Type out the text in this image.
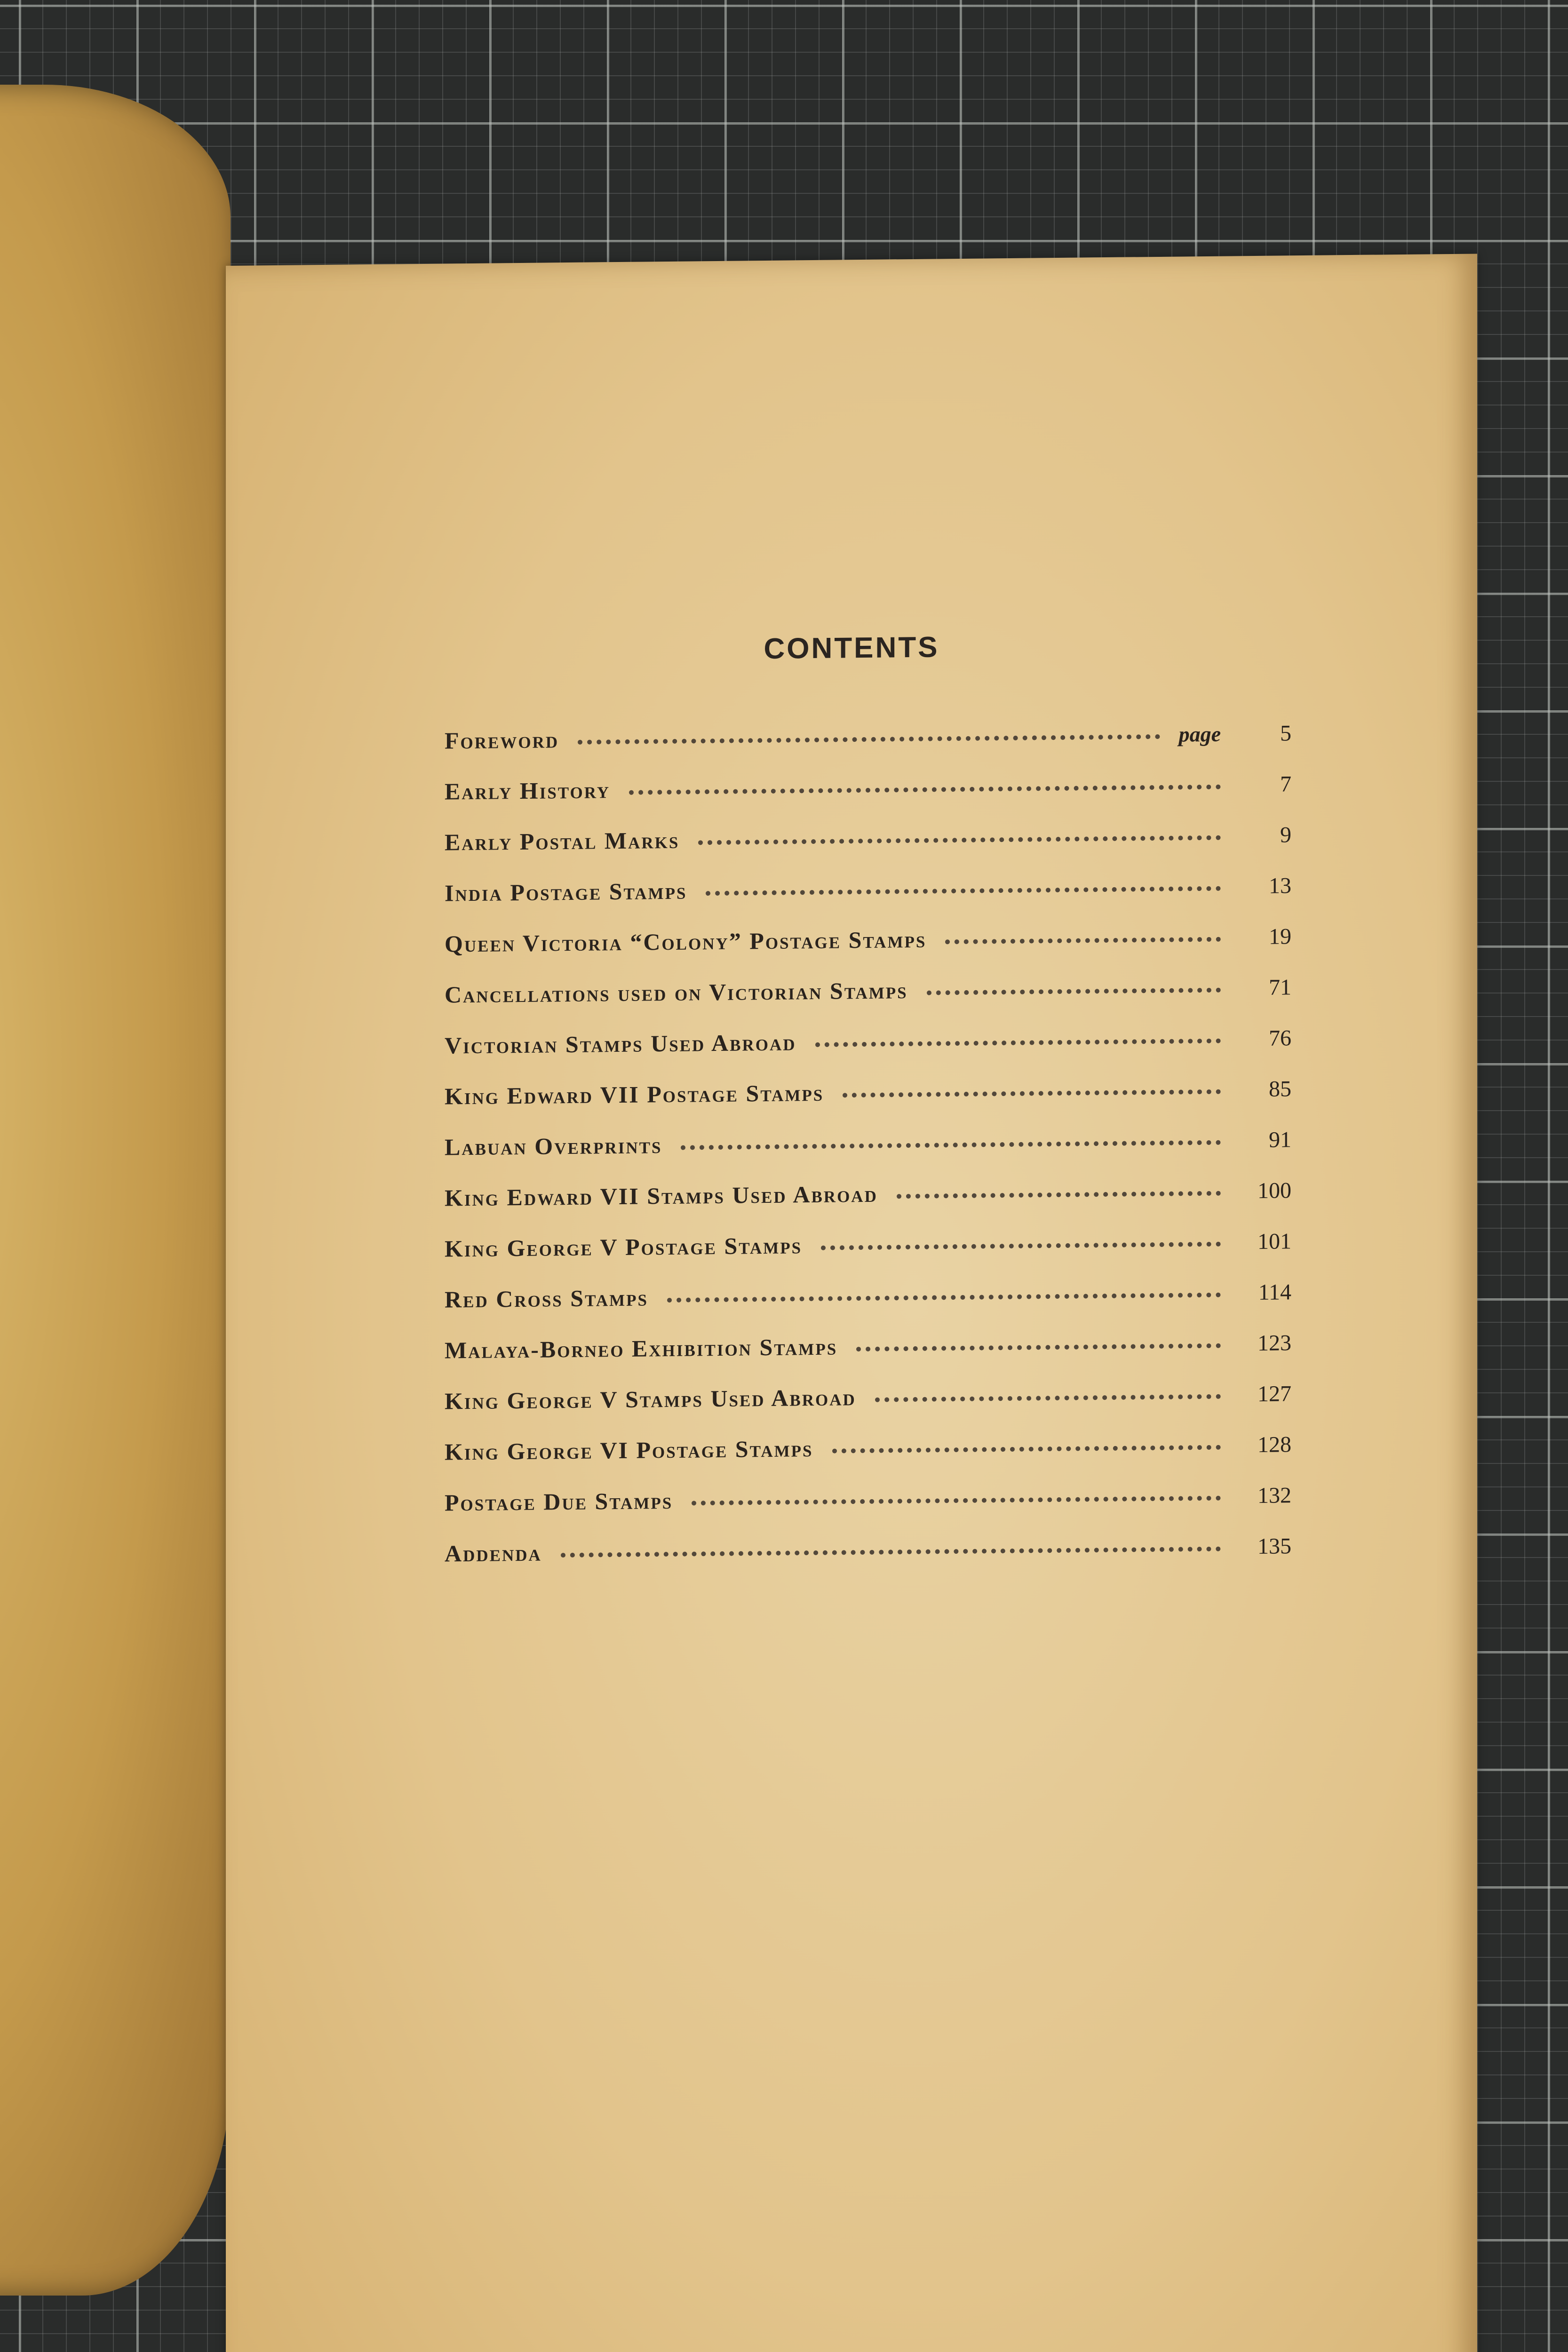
CONTENTS
Foreword	page	5
Early History	7
Early Postal Marks	9
India Postage Stamps	13
Queen Victoria “Colony” Postage Stamps	19
Cancellations used on Victorian Stamps	71
Victorian Stamps Used Abroad	76
King Edward VII Postage Stamps	85
Labuan Overprints	91
King Edward VII Stamps Used Abroad	100
King George V Postage Stamps	101
Red Cross Stamps	114
Malaya-Borneo Exhibition Stamps	123
King George V Stamps Used Abroad	127
King George VI Postage Stamps	128
Postage Due Stamps	132
Addenda	135
